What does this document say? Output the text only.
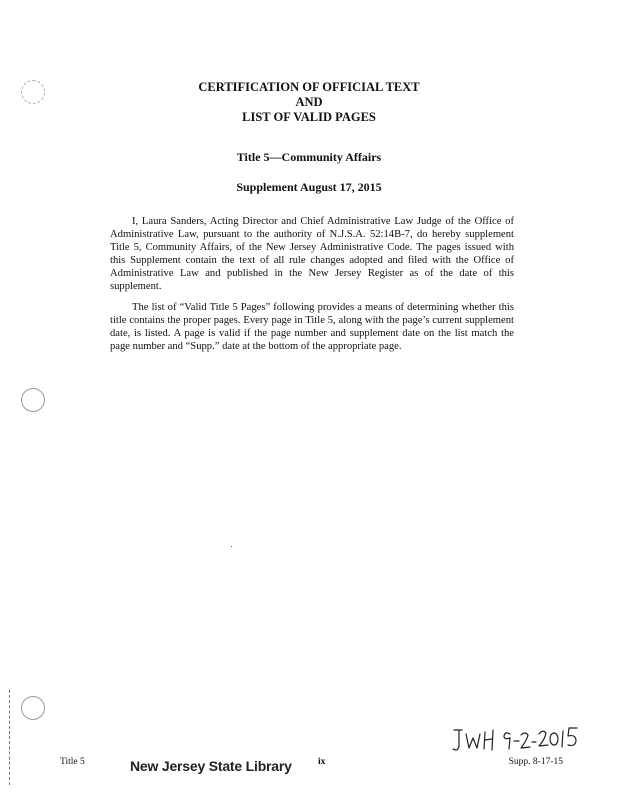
CERTIFICATION OF OFFICIAL TEXT
AND
LIST OF VALID PAGES
Title 5—Community Affairs
Supplement August 17, 2015

I, Laura Sanders, Acting Director and Chief Administrative Law Judge of the Office of Administrative Law, pursuant to the authority of N.J.S.A. 52:14B-7, do hereby supplement Title 5, Community Affairs, of the New Jersey Administrative Code. The pages issued with this Supplement contain the text of all rule changes adopted and filed with the Office of Administrative Law and published in the New Jersey Register as of the date of this supplement.

The list of “Valid Title 5 Pages” following provides a means of determining whether this title contains the proper pages. Every page in Title 5, along with the page’s current supplement date, is listed. A page is valid if the page number and supplement date on the list match the page number and “Supp.” date at the bottom of the appropriate page.

Title 5	New Jersey State Library	ix	Supp. 8-17-15
